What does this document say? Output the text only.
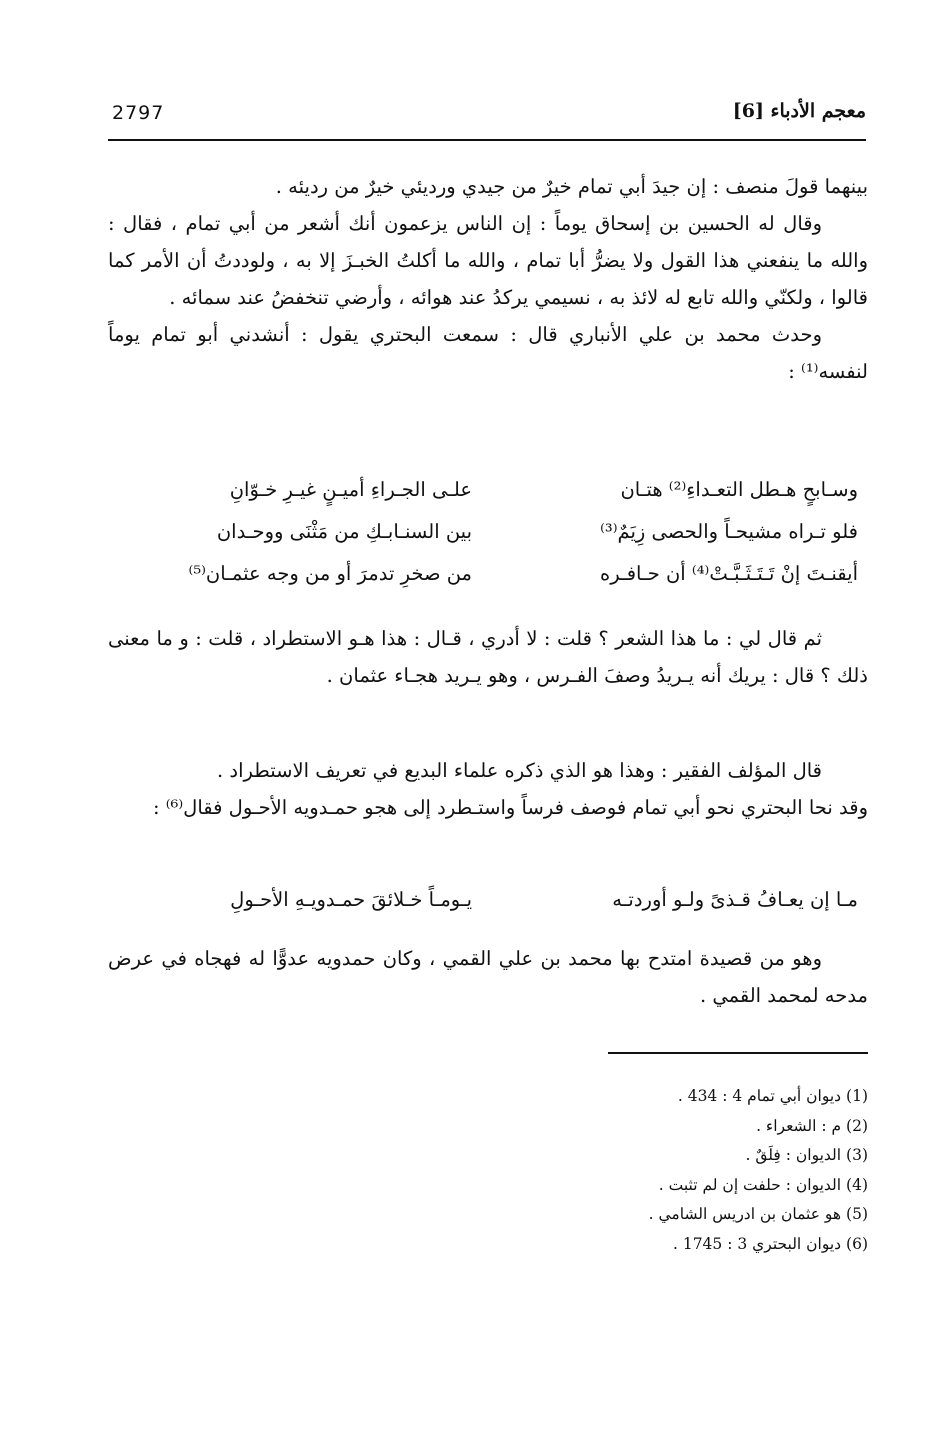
معجم الأدباء [6]
2797

بينهما قولَ منصف : إن جيدَ أبي تمام خيرٌ من جيدي ورديئي خيرٌ من رديئه .

وقال له الحسين بن إسحاق يوماً : إن الناس يزعمون أنك أشعر من أبي تمام ، فقال : والله ما ينفعني هذا القول ولا يضرُّ أبا تمام ، والله ما أكلتُ الخبـزَ إلا به ، ولوددتُ أن الأمر كما قالوا ، ولكنّي والله تابع له لائذ به ، نسيمي يركدُ عند هوائه ، وأرضي تنخفضُ عند سمائه .

وحدث محمد بن علي الأنباري قال : سمعت البحتري يقول : أنشدني أبو تمام يوماً لنفسه⁽¹⁾ :

وسـابحٍ هـطل التعـداءِ⁽²⁾ هتـان
علـى الجـراءِ أميـنٍ غيـرِ خـوّانِ
فلو تـراه مشيحـاً والحصى زِيَمٌ⁽³⁾
بين السنـابـكِ من مَثْنَى ووحـدان
أيقنـتَ إنْ تَـتَـثَـبَّـتْ⁽⁴⁾ أن حـافـره
من صخرِ تدمرَ أو من وجه عثمـان⁽⁵⁾

ثم قال لي : ما هذا الشعر ؟ قلت : لا أدري ، قـال : هذا هـو الاستطراد ، قلت : و ما معنى ذلك ؟ قال : يريك أنه يـريدُ وصفَ الفـرس ، وهو يـريد هجـاء عثمان .

قال المؤلف الفقير : وهذا هو الذي ذكره علماء البديع في تعريف الاستطراد .

وقد نحا البحتري نحو أبي تمام فوصف فرساً واستـطرد إلى هجو حمـدويه الأحـول فقال⁽⁶⁾ :

مـا إن يعـافُ قـذىً ولـو أوردتـه
يـومـاً خـلائقَ حمـدويـهِ الأحـولِ

وهو من قصيدة امتدح بها محمد بن علي القمي ، وكان حمدويه عدوًّا له فهجاه في عرض مدحه لمحمد القمي .

(1) ديوان أبي تمام 4 : 434 .
(2) م : الشعراء .
(3) الديوان : فِلَقٌ .
(4) الديوان : حلفت إن لم تثبت .
(5) هو عثمان بن ادريس الشامي .
(6) ديوان البحتري 3 : 1745 .
